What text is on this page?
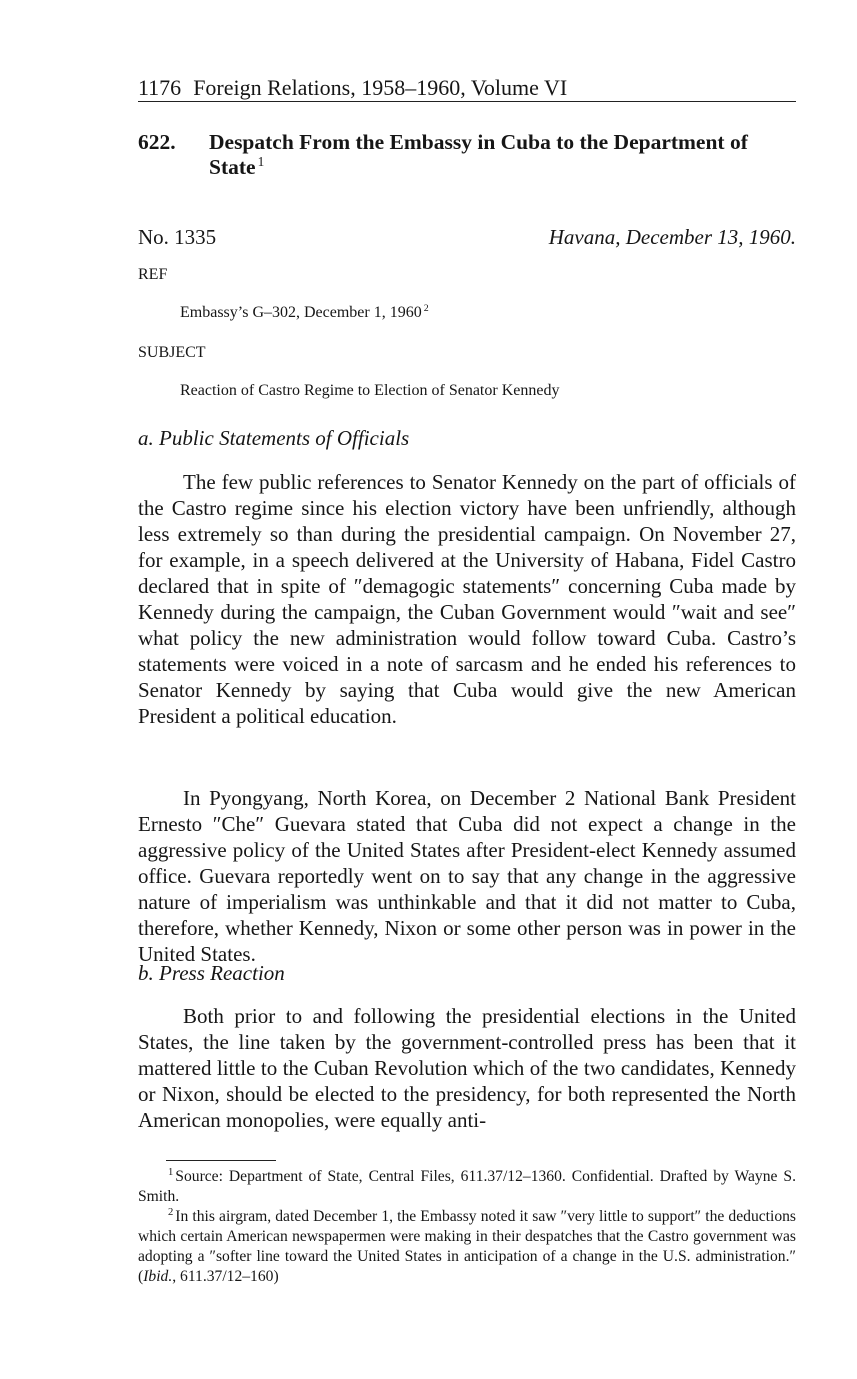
1176 Foreign Relations, 1958–1960, Volume VI
622. Despatch From the Embassy in Cuba to the Department of State $^1$
No. 1335	Havana, December 13, 1960.
REF
Embassy’s G–302, December 1, 1960 $^2$
SUBJECT
Reaction of Castro Regime to Election of Senator Kennedy
a. Public Statements of Officials

The few public references to Senator Kennedy on the part of officials of the Castro regime since his election victory have been unfriendly, although less extremely so than during the presidential campaign. On November 27, for example, in a speech delivered at the University of Habana, Fidel Castro declared that in spite of ″demagogic statements″ concerning Cuba made by Kennedy during the campaign, the Cuban Government would ″wait and see″ what policy the new administration would follow toward Cuba. Castro’s statements were voiced in a note of sarcasm and he ended his references to Senator Kennedy by saying that Cuba would give the new American President a political education.

In Pyongyang, North Korea, on December 2 National Bank President Ernesto ″Che″ Guevara stated that Cuba did not expect a change in the aggressive policy of the United States after President-elect Kennedy assumed office. Guevara reportedly went on to say that any change in the aggressive nature of imperialism was unthinkable and that it did not matter to Cuba, therefore, whether Kennedy, Nixon or some other person was in power in the United States.

b. Press Reaction

Both prior to and following the presidential elections in the United States, the line taken by the government-controlled press has been that it mattered little to the Cuban Revolution which of the two candidates, Kennedy or Nixon, should be elected to the presidency, for both represented the North American monopolies, were equally anti-

$^1$ Source: Department of State, Central Files, 611.37/12–1360. Confidential. Drafted by Wayne S. Smith.

$^2$ In this airgram, dated December 1, the Embassy noted it saw ″very little to support″ the deductions which certain American newspapermen were making in their despatches that the Castro government was adopting a ″softer line toward the United States in anticipation of a change in the U.S. administration.″ (Ibid., 611.37/12–160)
